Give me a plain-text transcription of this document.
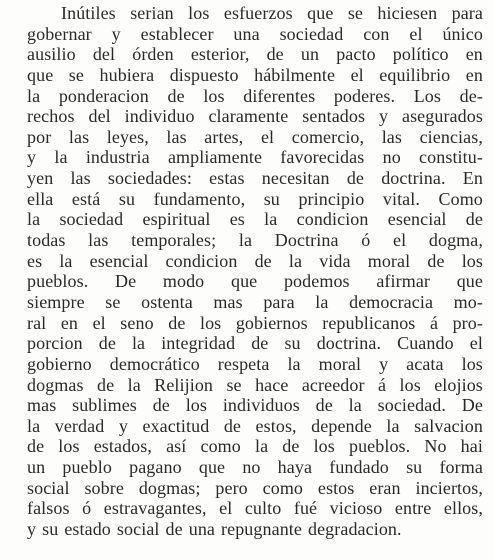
Inútiles serian los esfuerzos que se hiciesen para
gobernar y establecer una sociedad con el único
ausilio del órden esterior, de un pacto político en
que se hubiera dispuesto hábilmente el equilibrio en
la ponderacion de los diferentes poderes. Los de-
rechos del individuo claramente sentados y asegurados
por las leyes, las artes, el comercio, las ciencias,
y la industria ampliamente favorecidas no constitu-
yen las sociedades: estas necesitan de doctrina. En
ella está su fundamento, su principio vital. Como
la sociedad espiritual es la condicion esencial de
todas las temporales; la Doctrina ó el dogma,
es la esencial condicion de la vida moral de los
pueblos. De modo que podemos afirmar que
siempre se ostenta mas para la democracia mo-
ral en el seno de los gobiernos republicanos á pro-
porcion de la integridad de su doctrina. Cuando el
gobierno democrático respeta la moral y acata los
dogmas de la Relijion se hace acreedor á los elojios
mas sublimes de los individuos de la sociedad. De
la verdad y exactitud de estos, depende la salvacion
de los estados, así como la de los pueblos. No hai
un pueblo pagano que no haya fundado su forma
social sobre dogmas; pero como estos eran inciertos,
falsos ó estravagantes, el culto fué vicioso entre ellos,
y su estado social de una repugnante degradacion.
